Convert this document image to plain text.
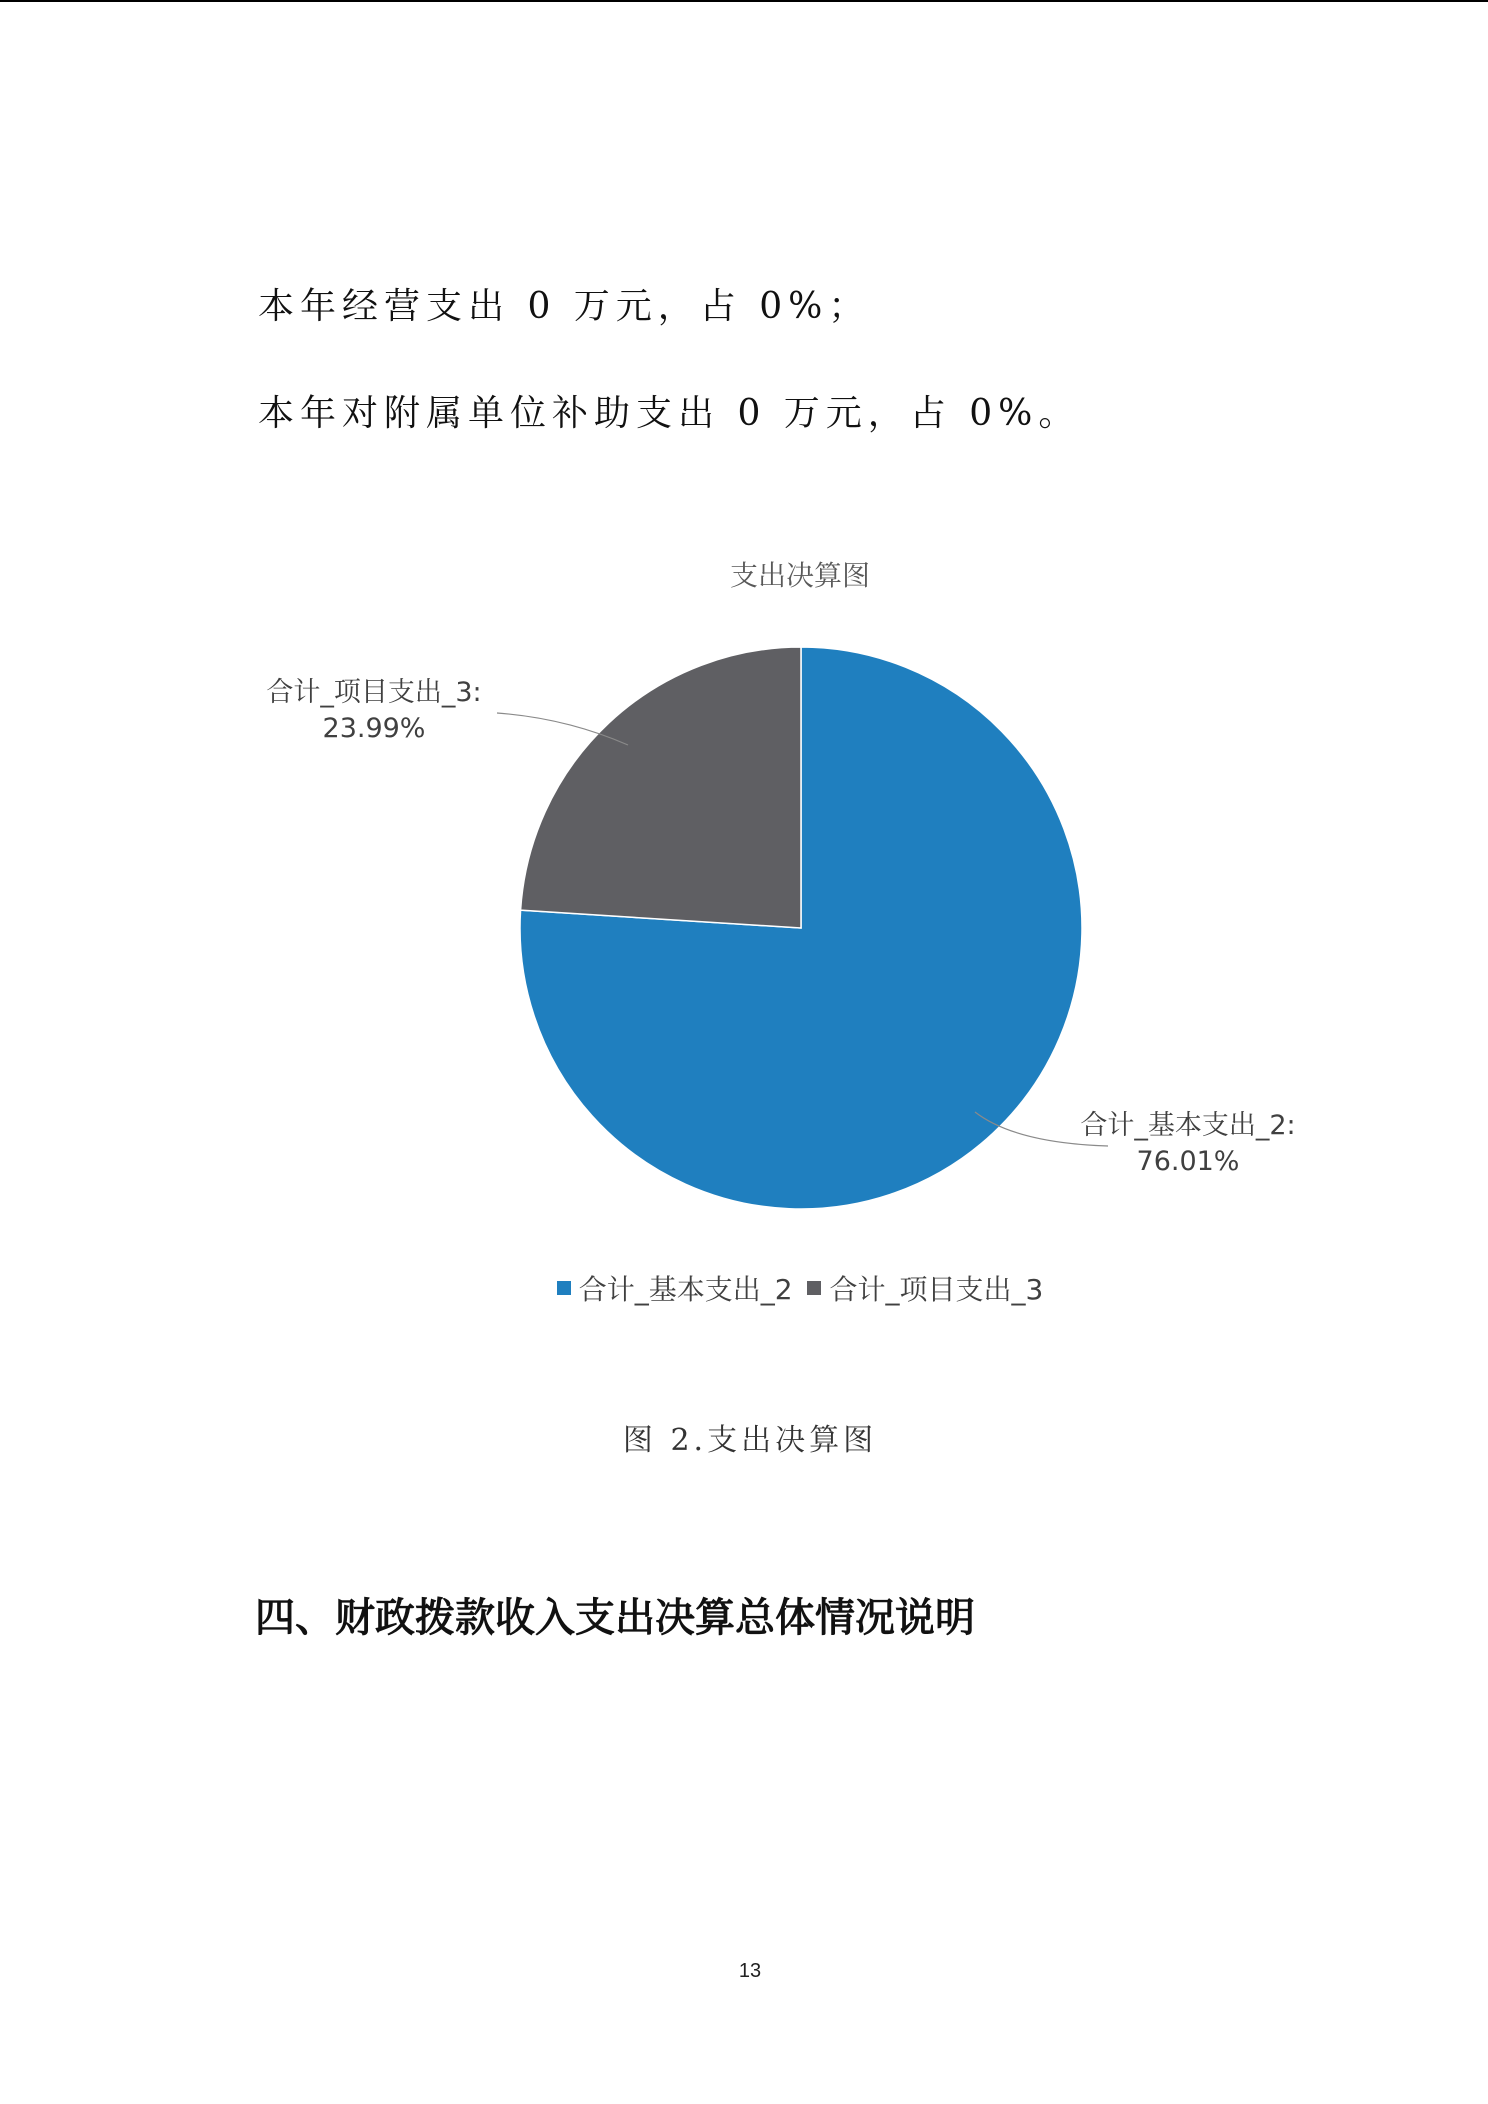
本年经营支出 0 万元，占 0%；
本年对附属单位补助支出 0 万元，占 0%。
支出决算图
合计_基本支出_2: 76.01%
合计_项目支出_3: 23.99%
合计_基本支出_2
合计_项目支出_3
图 2.支出决算图
四、财政拨款收入支出决算总体情况说明
13
